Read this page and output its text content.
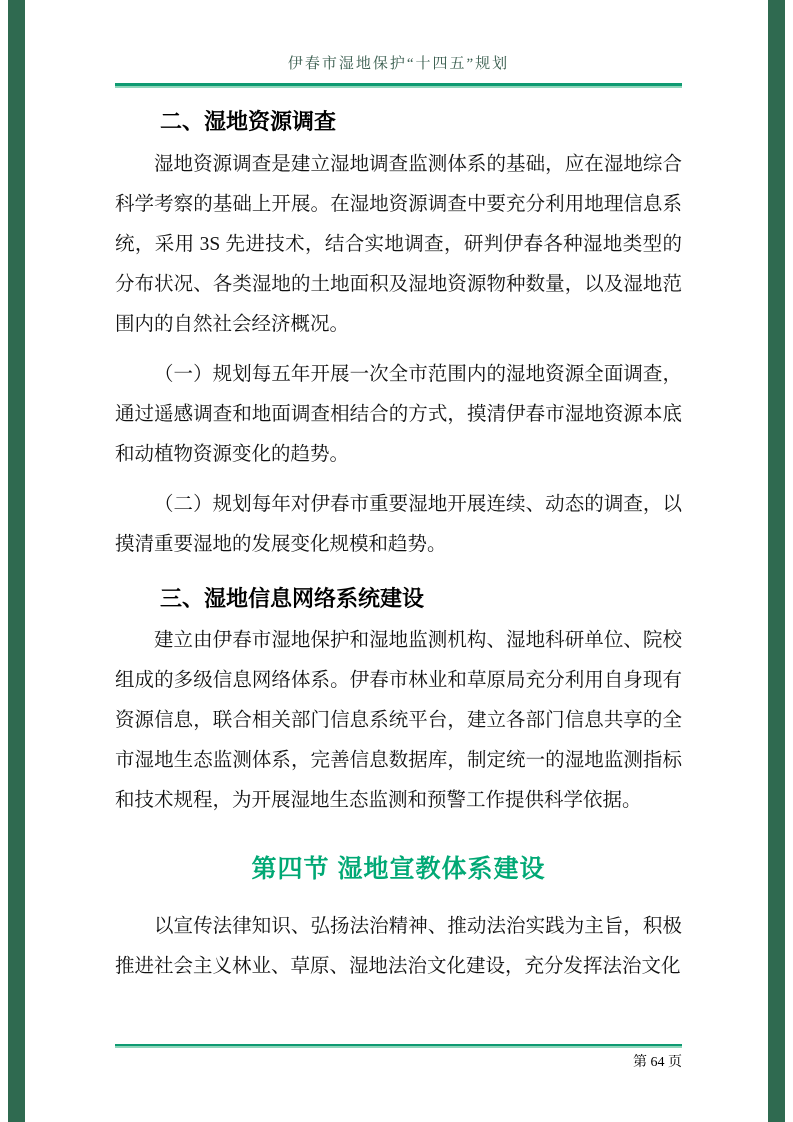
伊春市湿地保护“十四五”规划
二、湿地资源调查

湿地资源调查是建立湿地调查监测体系的基础，应在湿地综合科学考察的基础上开展。在湿地资源调查中要充分利用地理信息系统，采用 3S 先进技术，结合实地调查，研判伊春各种湿地类型的分布状况、各类湿地的土地面积及湿地资源物种数量，以及湿地范围内的自然社会经济概况。

（一）规划每五年开展一次全市范围内的湿地资源全面调查，通过遥感调查和地面调查相结合的方式，摸清伊春市湿地资源本底和动植物资源变化的趋势。

（二）规划每年对伊春市重要湿地开展连续、动态的调查，以摸清重要湿地的发展变化规模和趋势。

三、湿地信息网络系统建设

建立由伊春市湿地保护和湿地监测机构、湿地科研单位、院校组成的多级信息网络体系。伊春市林业和草原局充分利用自身现有资源信息，联合相关部门信息系统平台，建立各部门信息共享的全市湿地生态监测体系，完善信息数据库，制定统一的湿地监测指标和技术规程，为开展湿地生态监测和预警工作提供科学依据。

第四节 湿地宣教体系建设

以宣传法律知识、弘扬法治精神、推动法治实践为主旨，积极推进社会主义林业、草原、湿地法治文化建设，充分发挥法治文化

第 64 页
